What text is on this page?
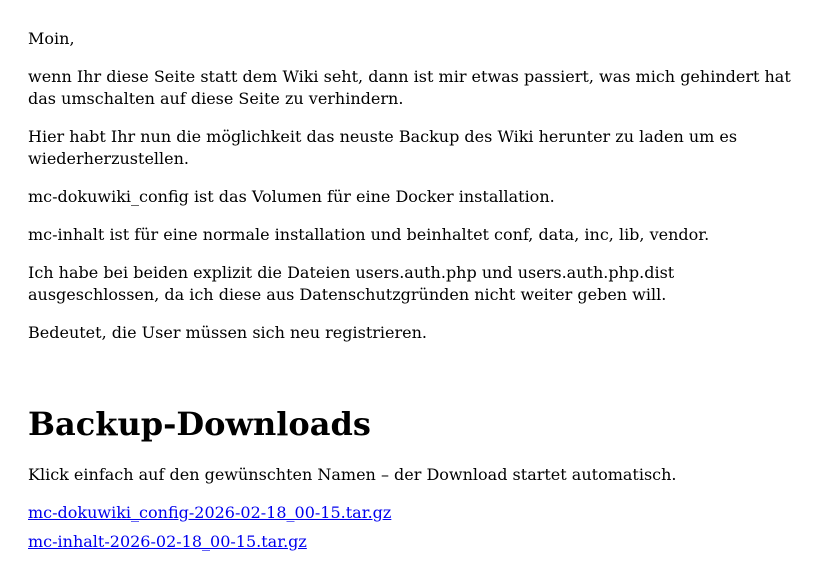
Moin,

wenn Ihr diese Seite statt dem Wiki seht, dann ist mir etwas passiert, was mich gehindert hat das umschalten auf diese Seite zu verhindern.

Hier habt Ihr nun die möglichkeit das neuste Backup des Wiki herunter zu laden um es wiederherzustellen.

mc-dokuwiki_config ist das Volumen für eine Docker installation.

mc-inhalt ist für eine normale installation und beinhaltet conf, data, inc, lib, vendor.

Ich habe bei beiden explizit die Dateien users.auth.php und users.auth.php.dist ausgeschlossen, da ich diese aus Datenschutzgründen nicht weiter geben will.

Bedeutet, die User müssen sich neu registrieren.

Backup-Downloads

Klick einfach auf den gewünschten Namen – der Download startet automatisch.

mc-dokuwiki_config-2026-02-18_00-15.tar.gz
mc-inhalt-2026-02-18_00-15.tar.gz
